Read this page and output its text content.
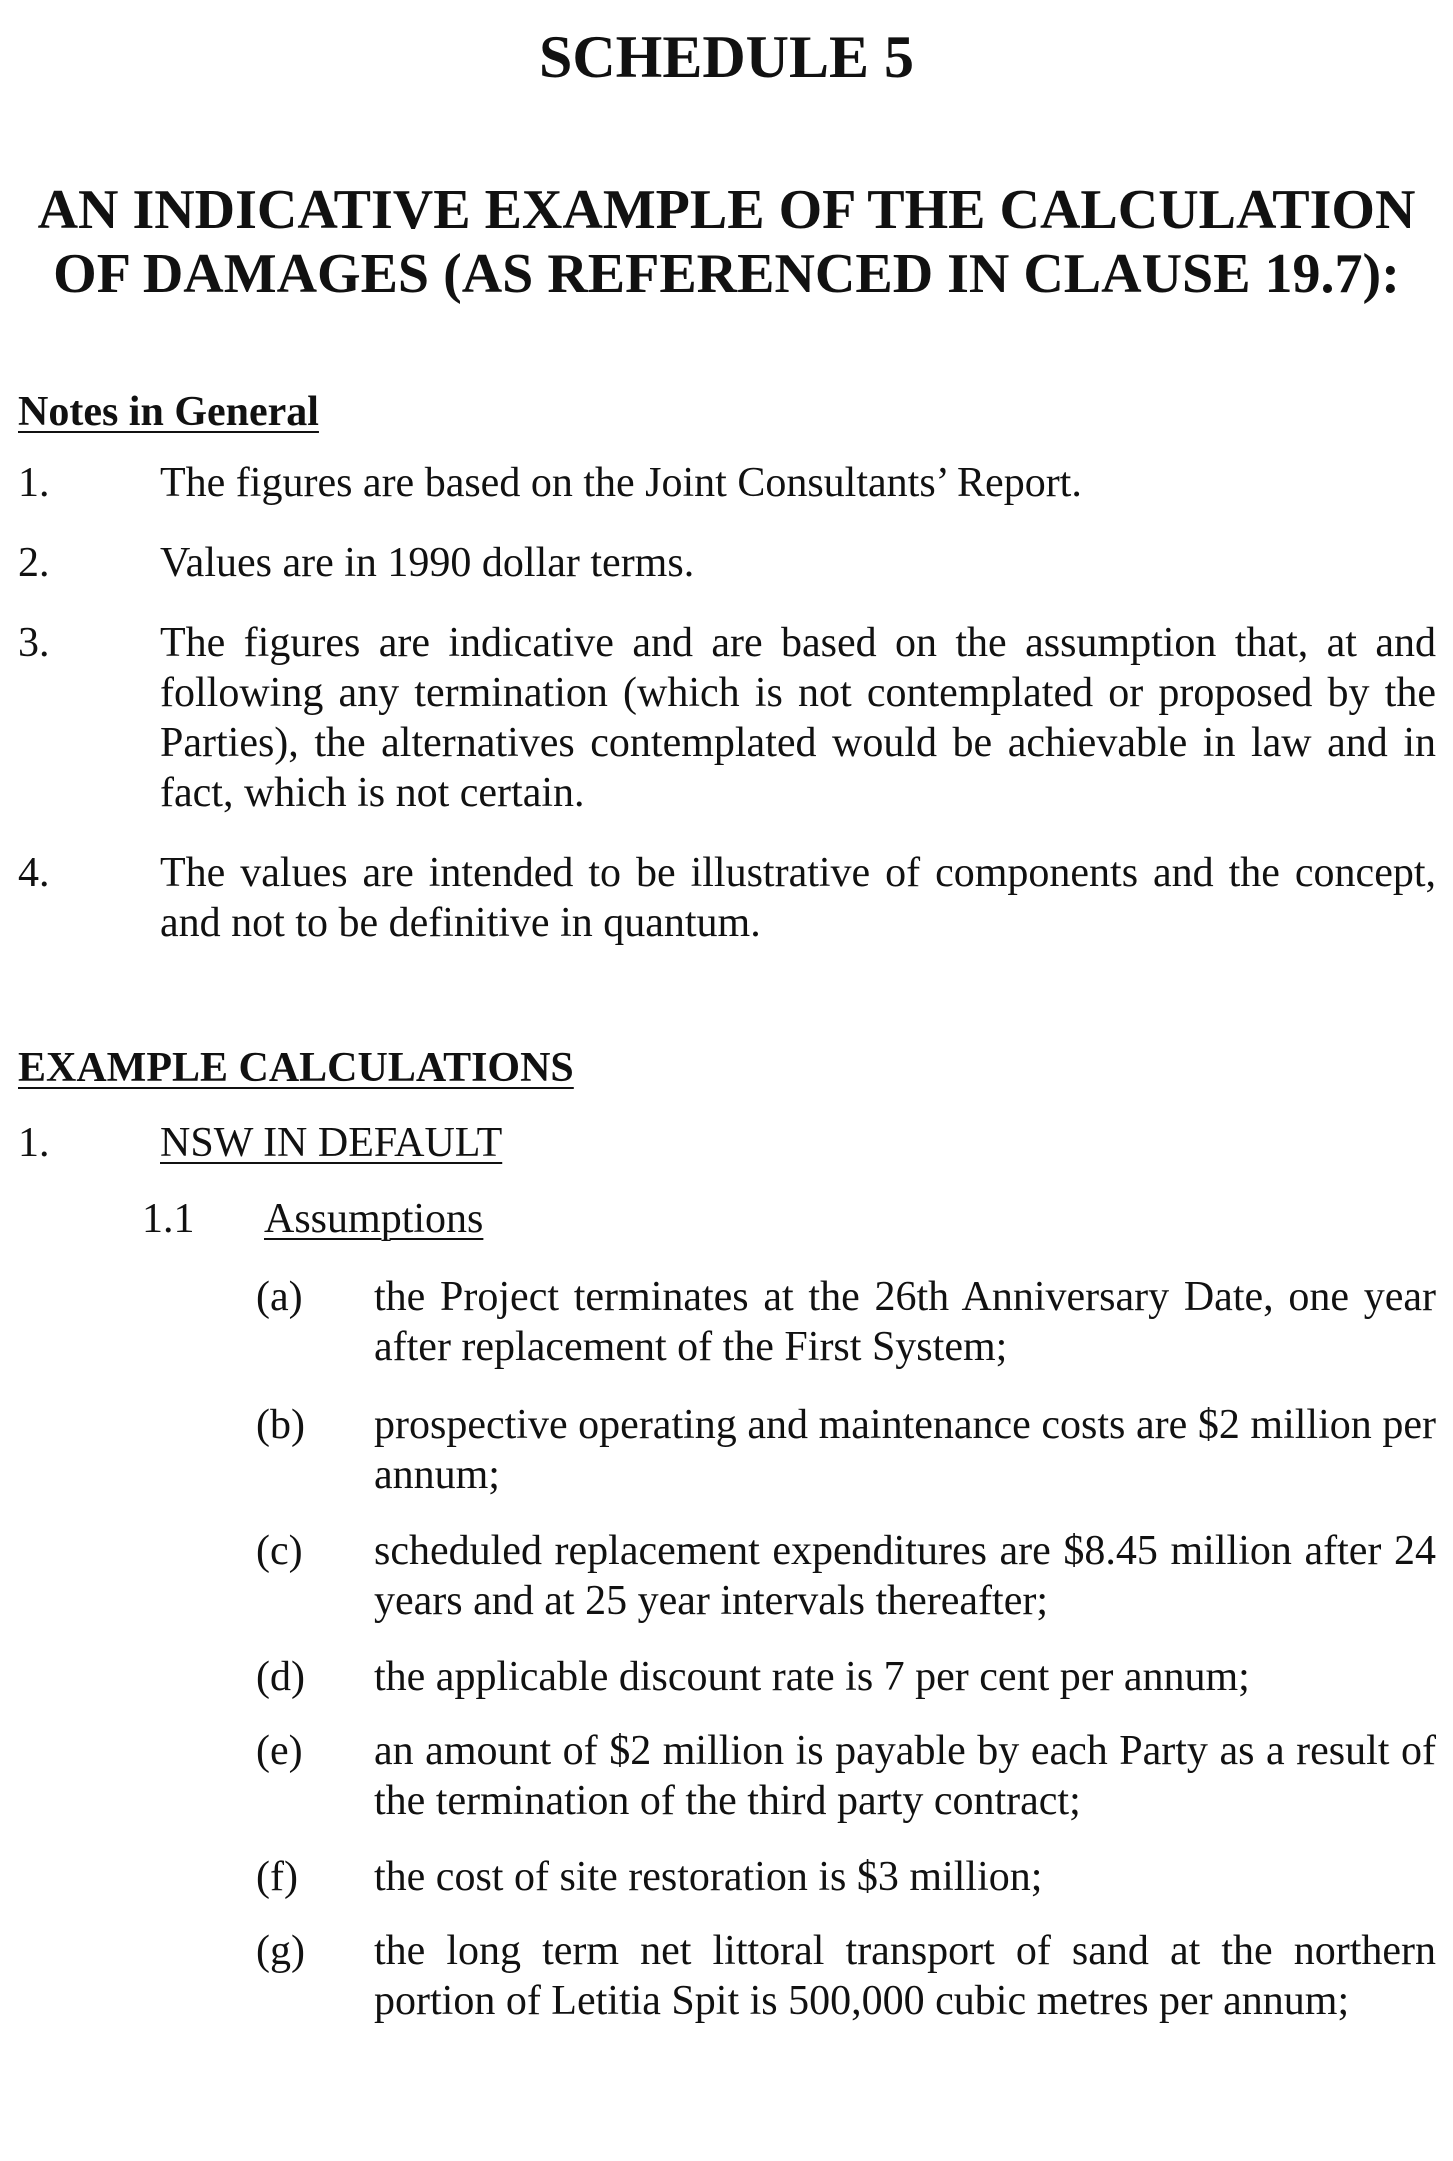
SCHEDULE 5
AN INDICATIVE EXAMPLE OF THE CALCULATION
OF DAMAGES (AS REFERENCED IN CLAUSE 19.7):
Notes in General
1.	The figures are based on the Joint Consultants’ Report.
2.	Values are in 1990 dollar terms.
3.	The figures are indicative and are based on the assumption that, at and following any termination (which is not contemplated or proposed by the Parties), the alternatives contemplated would be achievable in law and in fact, which is not certain.
4.	The values are intended to be illustrative of components and the concept, and not to be definitive in quantum.
EXAMPLE CALCULATIONS
1.	NSW IN DEFAULT
1.1 Assumptions
(a) the Project terminates at the 26th Anniversary Date, one year after replacement of the First System;
(b) prospective operating and maintenance costs are $2 million per annum;
(c) scheduled replacement expenditures are $8.45 million after 24 years and at 25 year intervals thereafter;
(d) the applicable discount rate is 7 per cent per annum;
(e) an amount of $2 million is payable by each Party as a result of the termination of the third party contract;
(f) the cost of site restoration is $3 million;
(g) the long term net littoral transport of sand at the northern portion of Letitia Spit is 500,000 cubic metres per annum;
